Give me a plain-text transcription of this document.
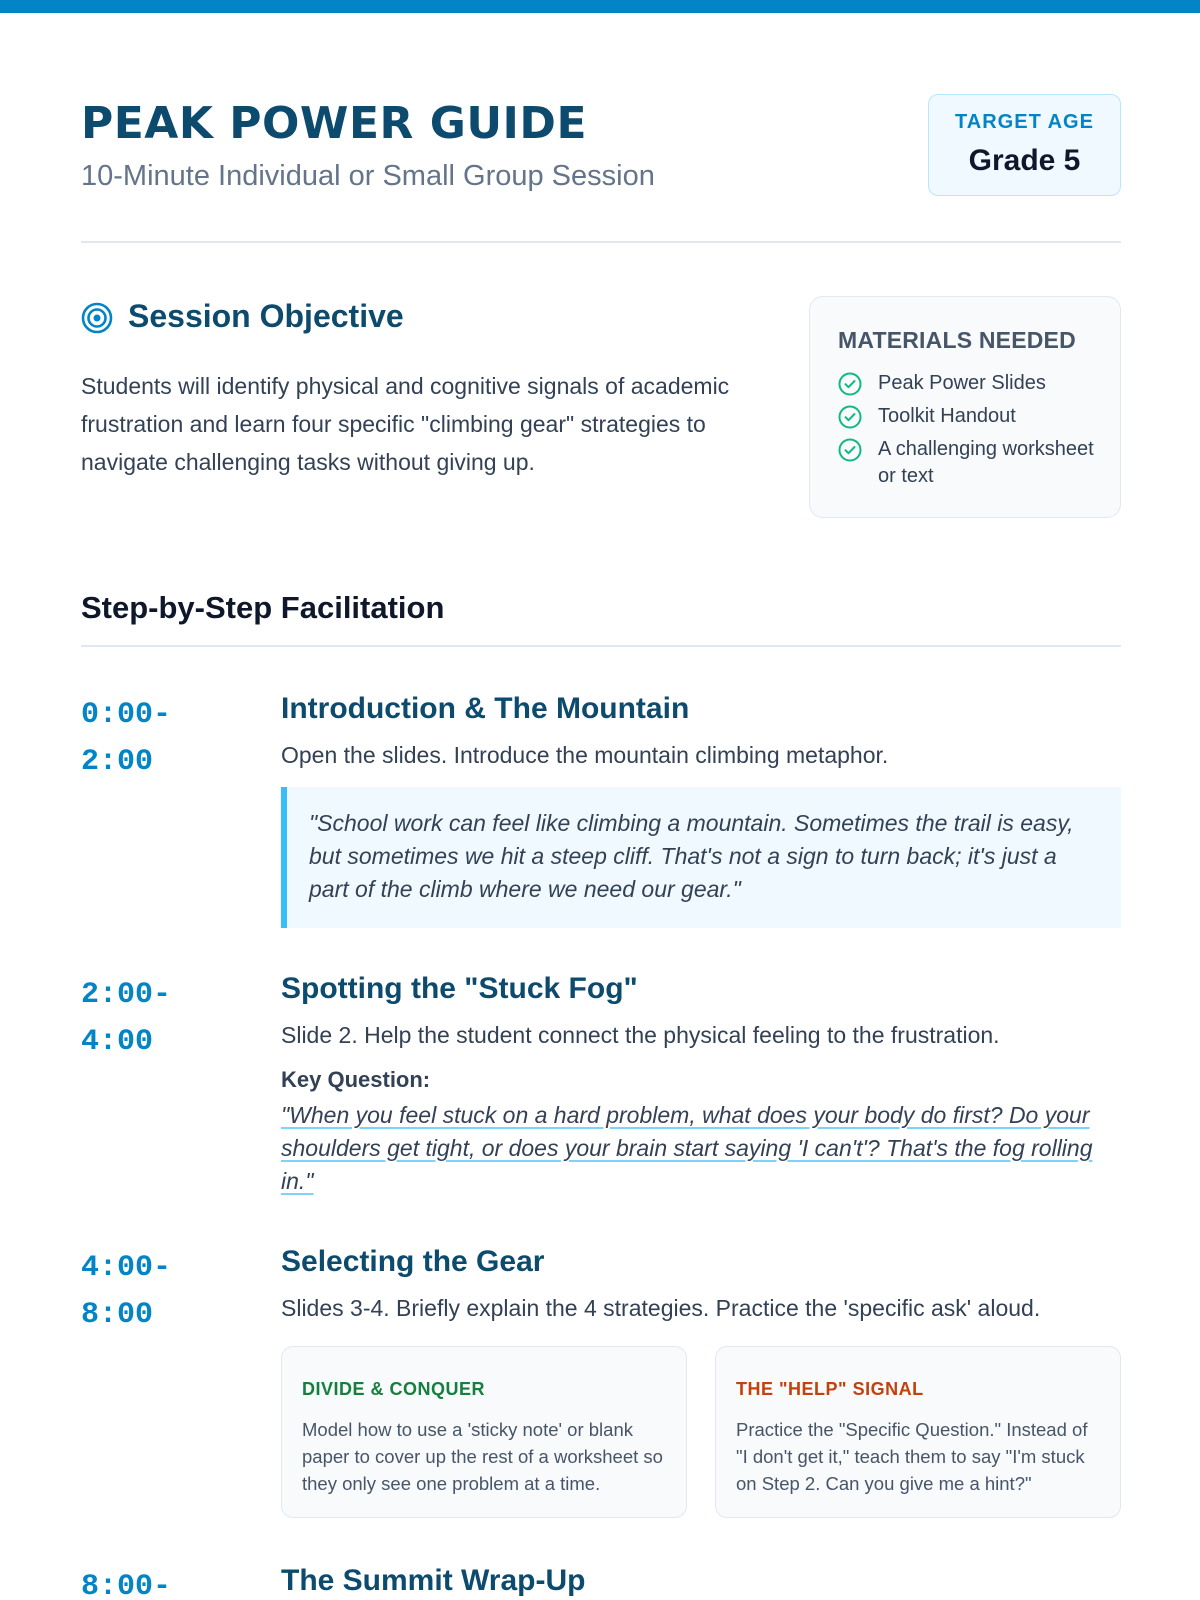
PEAK POWER GUIDE
10-Minute Individual or Small Group Session
TARGET AGE
Grade 5
Session Objective

Students will identify physical and cognitive signals of academic frustration and learn four specific "climbing gear" strategies to navigate challenging tasks without giving up.

MATERIALS NEEDED
Peak Power Slides
Toolkit Handout
A challenging worksheet or text
Step-by-Step Facilitation
0:00-
2:00
Introduction & The Mountain
Open the slides. Introduce the mountain climbing metaphor.
"School work can feel like climbing a mountain. Sometimes the trail is easy, but sometimes we hit a steep cliff. That's not a sign to turn back; it's just a part of the climb where we need our gear."
2:00-
4:00
Spotting the "Stuck Fog"
Slide 2. Help the student connect the physical feeling to the frustration.
Key Question:
"When you feel stuck on a hard problem, what does your body do first? Do your shoulders get tight, or does your brain start saying 'I can't'? That's the fog rolling in."
4:00-
8:00
Selecting the Gear
Slides 3-4. Briefly explain the 4 strategies. Practice the 'specific ask' aloud.
DIVIDE & CONQUER
Model how to use a 'sticky note' or blank paper to cover up the rest of a worksheet so they only see one problem at a time.
THE "HELP" SIGNAL
Practice the "Specific Question." Instead of "I don't get it," teach them to say "I'm stuck on Step 2. Can you give me a hint?"
8:00-	The Summit Wrap-Up
